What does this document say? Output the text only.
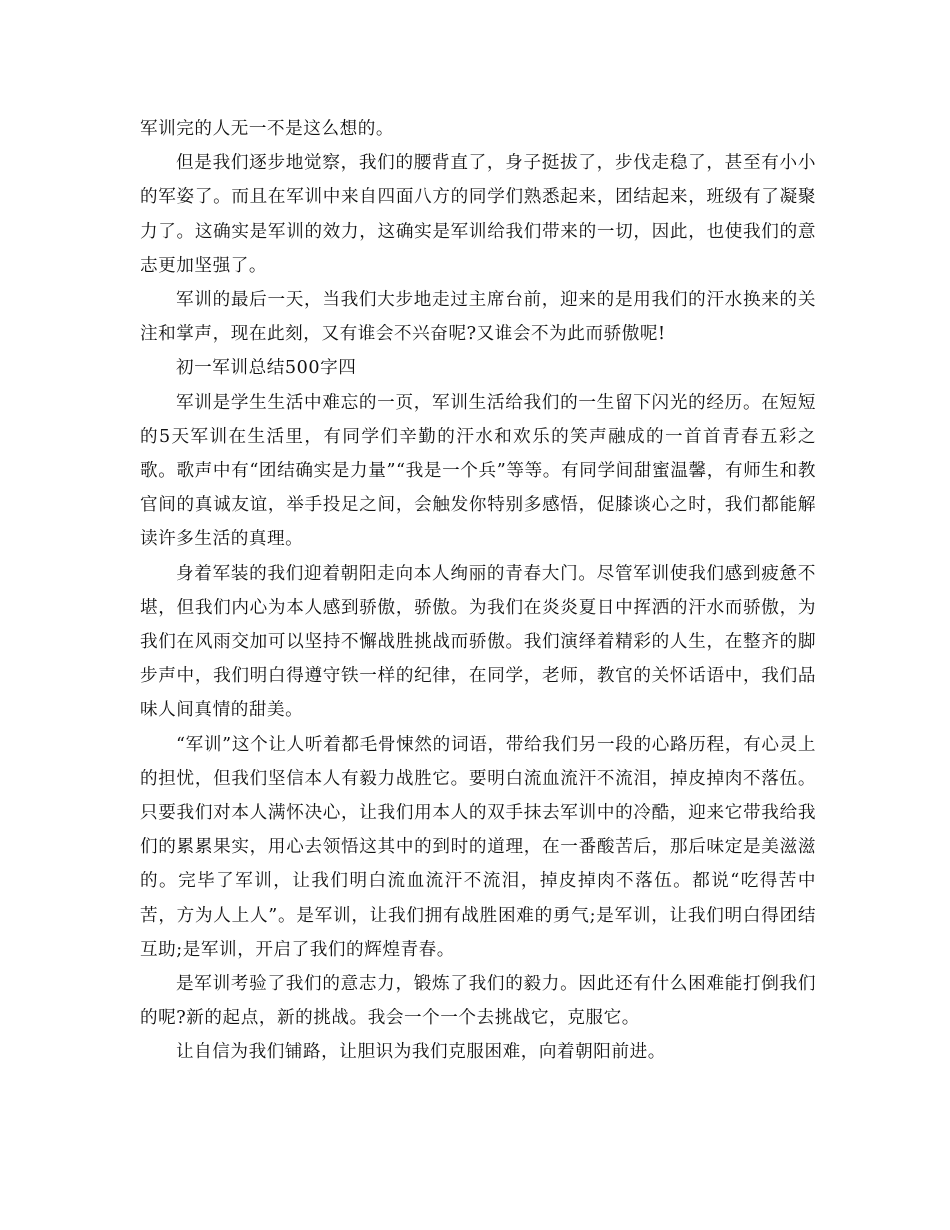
军训完的人无一不是这么想的。

但是我们逐步地觉察，我们的腰背直了，身子挺拔了，步伐走稳了，甚至有小小的军姿了。而且在军训中来自四面八方的同学们熟悉起来，团结起来，班级有了凝聚力了。这确实是军训的效力，这确实是军训给我们带来的一切，因此，也使我们的意志更加坚强了。

军训的最后一天，当我们大步地走过主席台前，迎来的是用我们的汗水换来的关注和掌声，现在此刻，又有谁会不兴奋呢?又谁会不为此而骄傲呢!

初一军训总结500字四

军训是学生生活中难忘的一页，军训生活给我们的一生留下闪光的经历。在短短的5天军训在生活里，有同学们辛勤的汗水和欢乐的笑声融成的一首首青春五彩之歌。歌声中有“团结确实是力量”“我是一个兵”等等。有同学间甜蜜温馨，有师生和教官间的真诚友谊，举手投足之间，会触发你特别多感悟，促膝谈心之时，我们都能解读许多生活的真理。

身着军装的我们迎着朝阳走向本人绚丽的青春大门。尽管军训使我们感到疲惫不堪，但我们内心为本人感到骄傲，骄傲。为我们在炎炎夏日中挥洒的汗水而骄傲，为我们在风雨交加可以坚持不懈战胜挑战而骄傲。我们演绎着精彩的人生，在整齐的脚步声中，我们明白得遵守铁一样的纪律，在同学，老师，教官的关怀话语中，我们品味人间真情的甜美。

“军训”这个让人听着都毛骨悚然的词语，带给我们另一段的心路历程，有心灵上的担忧，但我们坚信本人有毅力战胜它。要明白流血流汗不流泪，掉皮掉肉不落伍。只要我们对本人满怀决心，让我们用本人的双手抹去军训中的冷酷，迎来它带我给我们的累累果实，用心去领悟这其中的到时的道理，在一番酸苦后，那后味定是美滋滋的。完毕了军训，让我们明白流血流汗不流泪，掉皮掉肉不落伍。都说“吃得苦中苦，方为人上人”。是军训，让我们拥有战胜困难的勇气;是军训，让我们明白得团结互助;是军训，开启了我们的辉煌青春。

是军训考验了我们的意志力，锻炼了我们的毅力。因此还有什么困难能打倒我们的呢?新的起点，新的挑战。我会一个一个去挑战它，克服它。

让自信为我们铺路，让胆识为我们克服困难，向着朝阳前进。
